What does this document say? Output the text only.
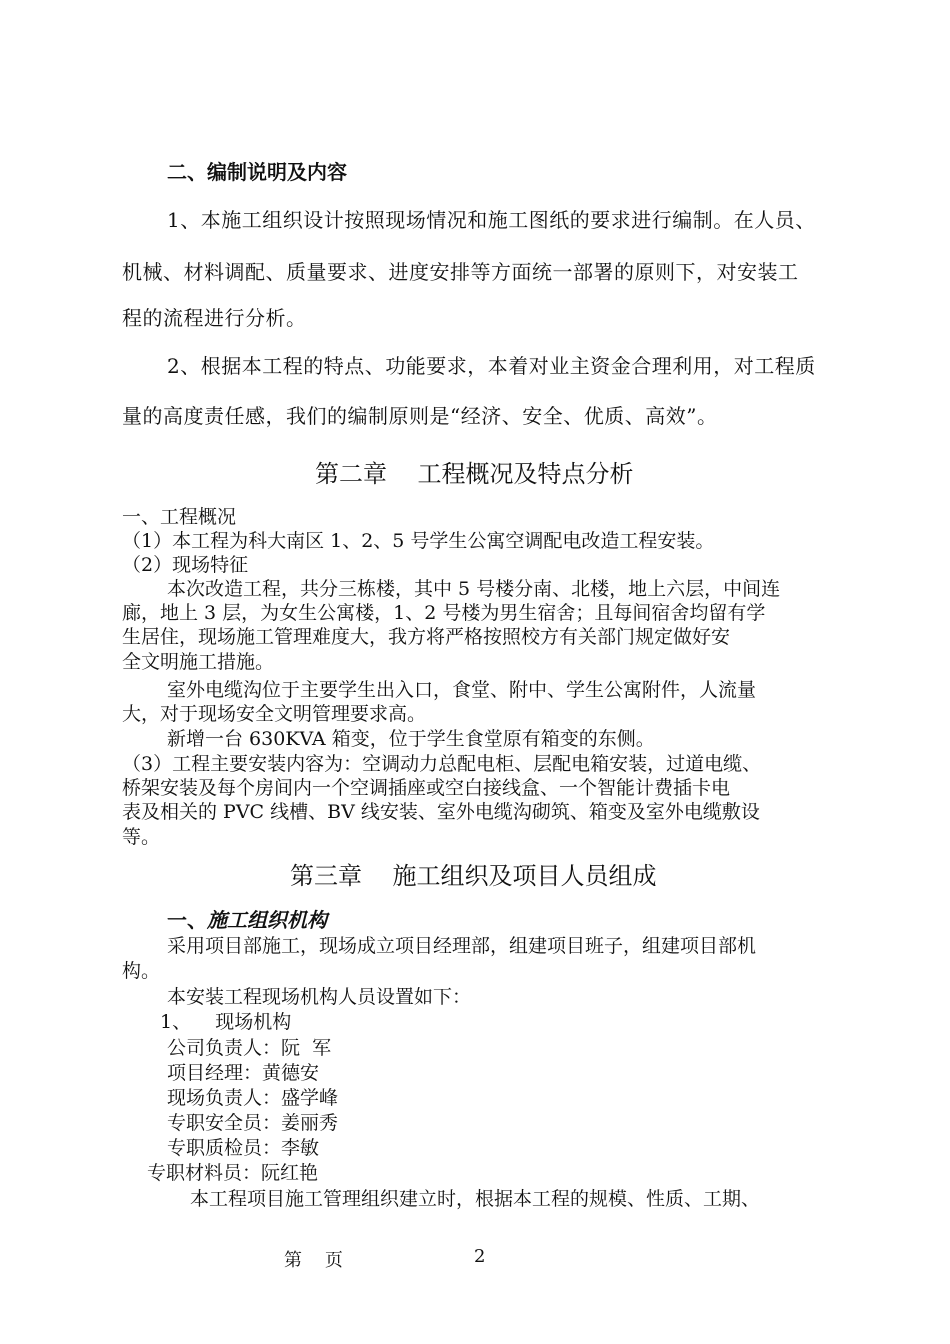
二、编制说明及内容
1、本施工组织设计按照现场情况和施工图纸的要求进行编制。在人员、
机械、材料调配、质量要求、进度安排等方面统一部署的原则下，对安装工
程的流程进行分析。
2、根据本工程的特点、功能要求，本着对业主资金合理利用，对工程质
量的高度责任感，我们的编制原则是“经济、安全、优质、高效”。
第二章    工程概况及特点分析
一、工程概况
（1）本工程为科大南区 1、2、5 号学生公寓空调配电改造工程安装。
（2）现场特征
本次改造工程，共分三栋楼，其中 5 号楼分南、北楼，地上六层，中间连
廊，地上 3 层，为女生公寓楼，1、2 号楼为男生宿舍；且每间宿舍均留有学
生居住，现场施工管理难度大，我方将严格按照校方有关部门规定做好安
全文明施工措施。
室外电缆沟位于主要学生出入口，食堂、附中、学生公寓附件，人流量
大，对于现场安全文明管理要求高。
新增一台 630KVA 箱变，位于学生食堂原有箱变的东侧。
（3）工程主要安装内容为：空调动力总配电柜、层配电箱安装，过道电缆、
桥架安装及每个房间内一个空调插座或空白接线盒、一个智能计费插卡电
表及相关的 PVC 线槽、BV 线安装、室外电缆沟砌筑、箱变及室外电缆敷设
等。
第三章    施工组织及项目人员组成
一、施工组织机构
采用项目部施工，现场成立项目经理部，组建项目班子，组建项目部机
构。
本安装工程现场机构人员设置如下：
1、    现场机构
公司负责人：阮  军
项目经理：黄德安
现场负责人：盛学峰
专职安全员：姜丽秀
专职质检员：李敏
专职材料员：阮红艳
本工程项目施工管理组织建立时，根据本工程的规模、性质、工期、
第    页	2
